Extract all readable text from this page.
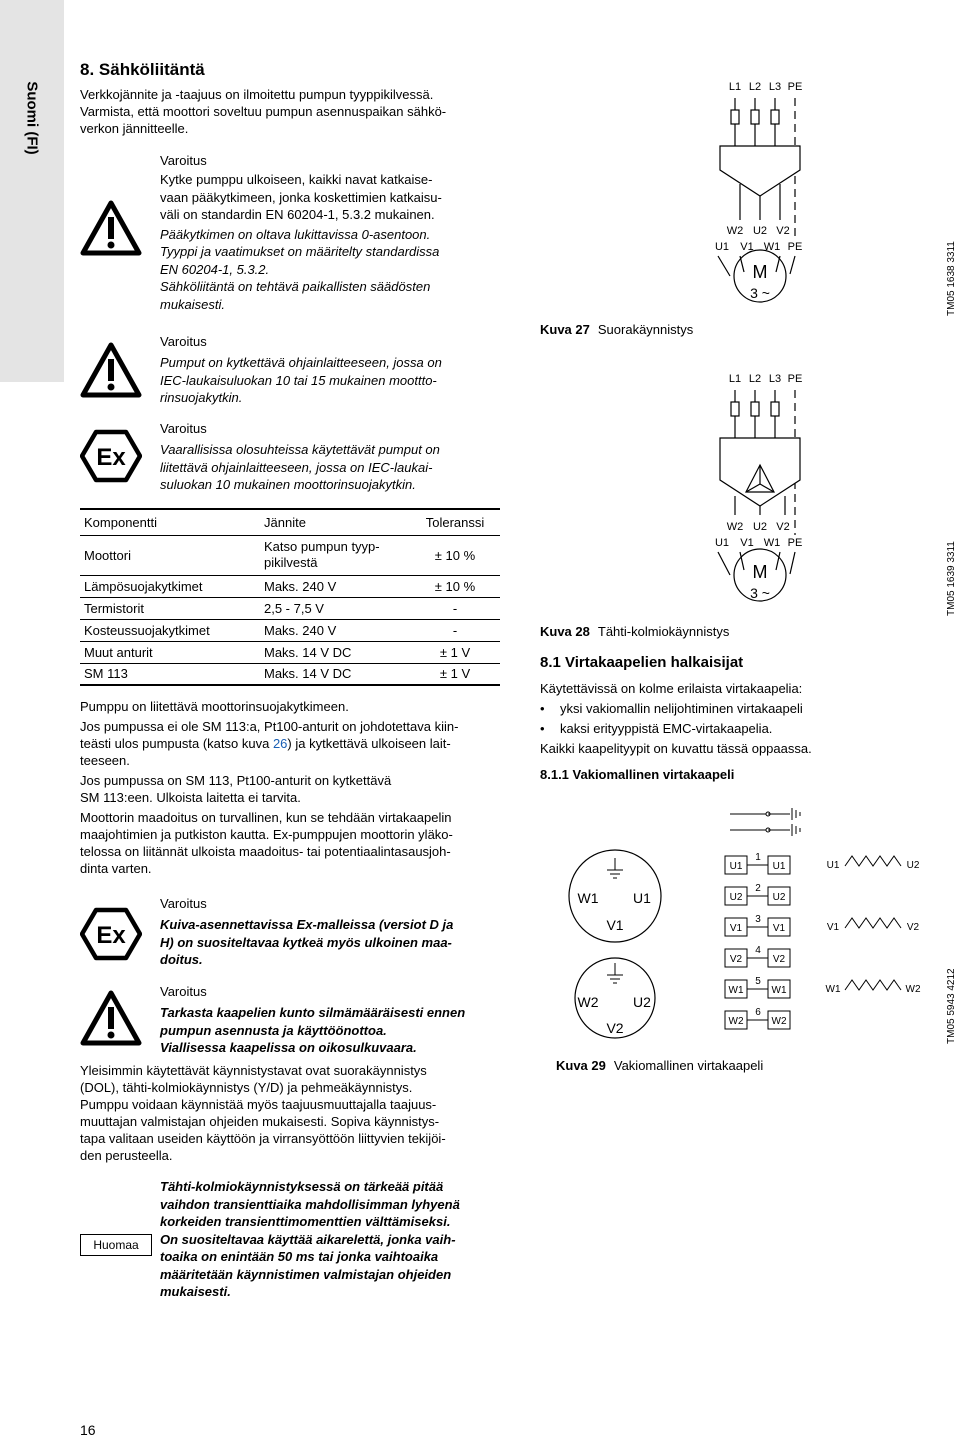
Suomi (FI)
8. Sähköliitäntä
Verkkojännite ja -taajuus on ilmoitettu pumpun tyyppikilvessä.
Varmista, että moottori soveltuu pumpun asennuspaikan sähkö-
verkon jännitteelle.
Varoitus
Kytke pumppu ulkoiseen, kaikki navat katkaise-
vaan pääkytkimeen, jonka koskettimien katkaisu-
väli on standardin EN 60204-1, 5.3.2 mukainen.
Pääkytkimen on oltava lukittavissa 0-asentoon.
Tyyppi ja vaatimukset on määritelty standardissa
EN 60204-1, 5.3.2.
Sähköliitäntä on tehtävä paikallisten säädösten
mukaisesti.
Varoitus
Pumput on kytkettävä ohjainlaitteeseen, jossa on
IEC-laukaisuluokan 10 tai 15 mukainen moottto-
rinsuojakytkin.
Ex
Varoitus
Vaarallisissa olosuhteissa käytettävät pumput on
liitettävä ohjainlaitteeseen, jossa on IEC-laukai-
suluokan 10 mukainen moottorinsuojakytkin.
Komponentti	Jännite	Toleranssi
Moottori	Katso pumpun tyyp-
pikilvestä	± 10 %
Lämpösuojakytkimet	Maks. 240 V	± 10 %
Termistorit	2,5 - 7,5 V	-
Kosteussuojakytkimet	Maks. 240 V	-
Muut anturit	Maks. 14 V DC	± 1 V
SM 113	Maks. 14 V DC	± 1 V
Pumppu on liitettävä moottorinsuojakytkimeen.
Jos pumpussa ei ole SM 113:a, Pt100-anturit on johdotettava kiin-
teästi ulos pumpusta (katso kuva 26) ja kytkettävä ulkoiseen lait-
teeseen.
Jos pumpussa on SM 113, Pt100-anturit on kytkettävä
SM 113:een. Ulkoista laitetta ei tarvita.
Moottorin maadoitus on turvallinen, kun se tehdään virtakaapelin
maajohtimien ja putkiston kautta. Ex-pumppujen moottorin yläko-
telossa on liitännät ulkoista maadoitus- tai potentiaalintasausjoh-
dinta varten.
Ex
Varoitus
Kuiva-asennettavissa Ex-malleissa (versiot D ja
H) on suositeltavaa kytkeä myös ulkoinen maa-
doitus.
Varoitus
Tarkasta kaapelien kunto silmämääräisesti ennen
pumpun asennusta ja käyttöönottoa.
Viallisessa kaapelissa on oikosulkuvaara.
Yleisimmin käytettävät käynnistystavat ovat suorakäynnistys
(DOL), tähti-kolmiokäynnistys (Y/D) ja pehmeäkäynnistys.
Pumppu voidaan käynnistää myös taajuusmuuttajalla taajuus-
muuttajan valmistajan ohjeiden mukaisesti. Sopiva käynnistys-
tapa valitaan useiden käyttöön ja virransyöttöön liittyvien tekijöi-
den perusteella.
Huomaa
Tähti-kolmiokäynnistyksessä on tärkeää pitää
vaihdon transienttiaika mahdollisimman lyhyenä
korkeiden transienttimomenttien välttämiseksi.
On suositeltavaa käyttää aikarelettä, jonka vaih-
toaika on enintään 50 ms tai jonka vaihtoaika
määritetään käynnistimen valmistajan ohjeiden
mukaisesti.
16
L1 L2 L3 PE
W2 U2 V2
U1 V1 W1 PE
M
3 ~
Kuva 27 Suorakäynnistys
TM05 1638 3311
L1 L2 L3 PE
W2 U2 V2
U1 V1 W1 PE
M
3 ~
Kuva 28 Tähti-kolmiokäynnistys
TM05 1639 3311
8.1 Virtakaapelien halkaisijat
Käytettävissä on kolme erilaista virtakaapelia:
• yksi vakiomallin nelijohtiminen virtakaapeli
• kaksi erityyppistä EMC-virtakaapelia.
Kaikki kaapelityypit on kuvattu tässä oppaassa.
8.1.1 Vakiomallinen virtakaapeli
W1 U1
V1
W2 U2
V2
U1
U2
V1
V2
W1
W2
1
2
3
4
5
6
U1
U2
V1
V2
W1
W2
U1	U2
V1	V2
W1	W2
Kuva 29 Vakiomallinen virtakaapeli
TM05 5943 4212
